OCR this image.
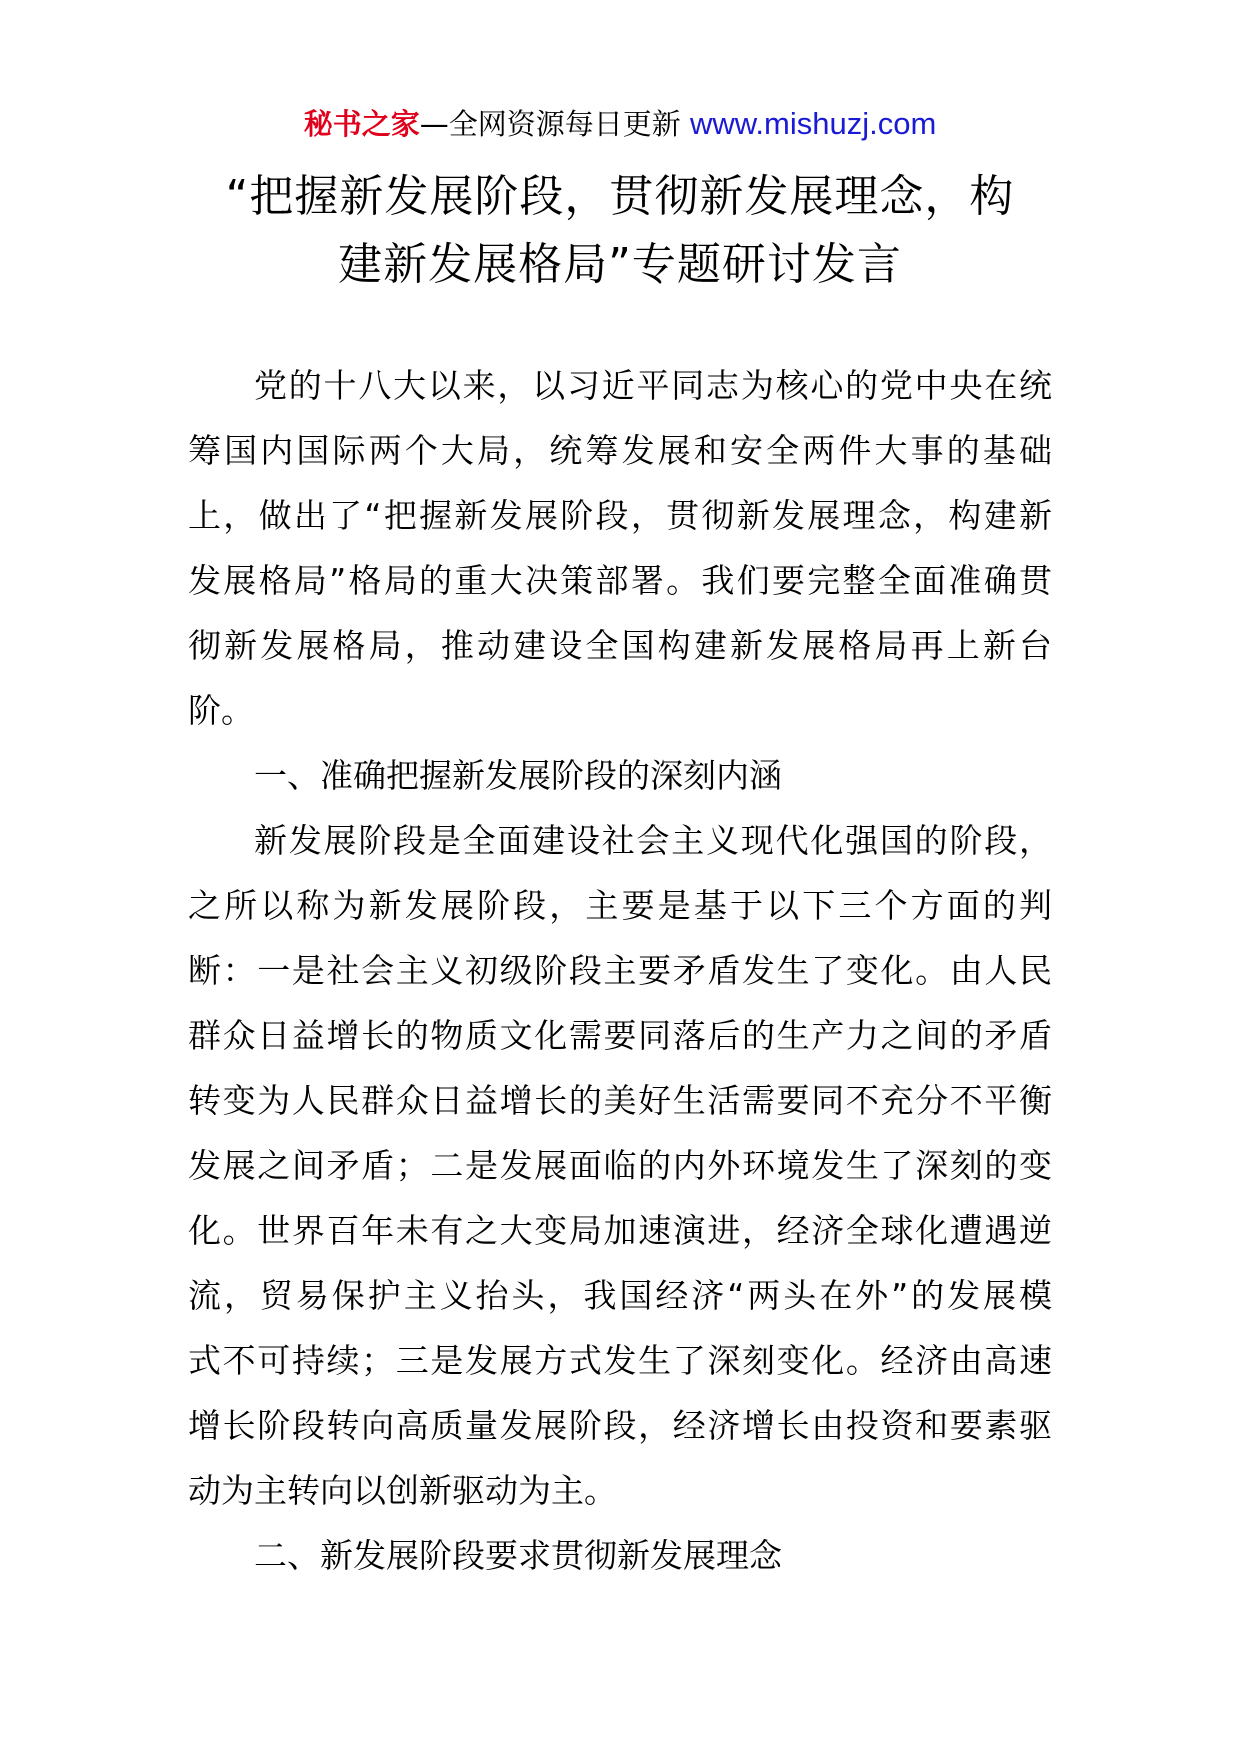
秘书之家—全网资源每日更新 www.mishuzj.com
“把握新发展阶段，贯彻新发展理念，构
建新发展格局”专题研讨发言
党的十八大以来，以习近平同志为核心的党中央在统
筹国内国际两个大局，统筹发展和安全两件大事的基础
上，做出了“把握新发展阶段，贯彻新发展理念，构建新
发展格局”格局的重大决策部署。我们要完整全面准确贯
彻新发展格局，推动建设全国构建新发展格局再上新台
阶。
一、准确把握新发展阶段的深刻内涵
新发展阶段是全面建设社会主义现代化强国的阶段，
之所以称为新发展阶段，主要是基于以下三个方面的判
断：一是社会主义初级阶段主要矛盾发生了变化。由人民
群众日益增长的物质文化需要同落后的生产力之间的矛盾
转变为人民群众日益增长的美好生活需要同不充分不平衡
发展之间矛盾；二是发展面临的内外环境发生了深刻的变
化。世界百年未有之大变局加速演进，经济全球化遭遇逆
流，贸易保护主义抬头，我国经济“两头在外”的发展模
式不可持续；三是发展方式发生了深刻变化。经济由高速
增长阶段转向高质量发展阶段，经济增长由投资和要素驱
动为主转向以创新驱动为主。
二、新发展阶段要求贯彻新发展理念
